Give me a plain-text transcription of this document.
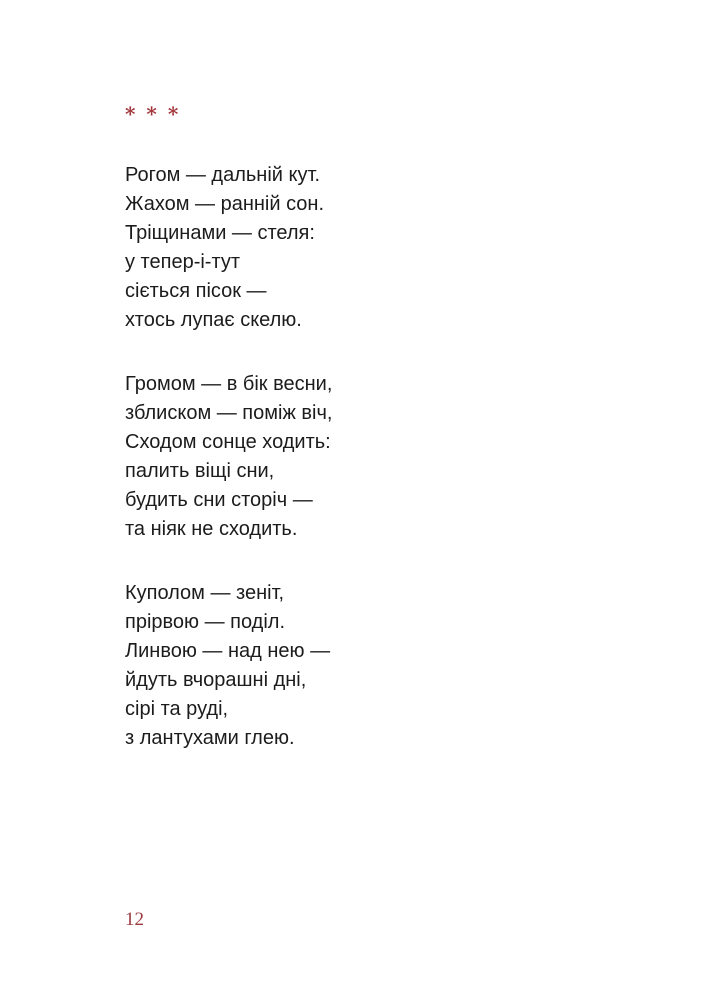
* * *
Рогом — дальній кут.
Жахом — ранній сон.
Тріщинами — стеля:
у тепер-і-тут
сіється пісок —
хтось лупає скелю.
Громом — в бік весни,
зблиском — поміж віч,
Сходом сонце ходить:
палить віщі сни,
будить сни сторіч —
та ніяк не сходить.
Куполом — зеніт,
прірвою — поділ.
Линвою — над нею —
йдуть вчорашні дні,
сірі та руді,
з лантухами глею.
12
